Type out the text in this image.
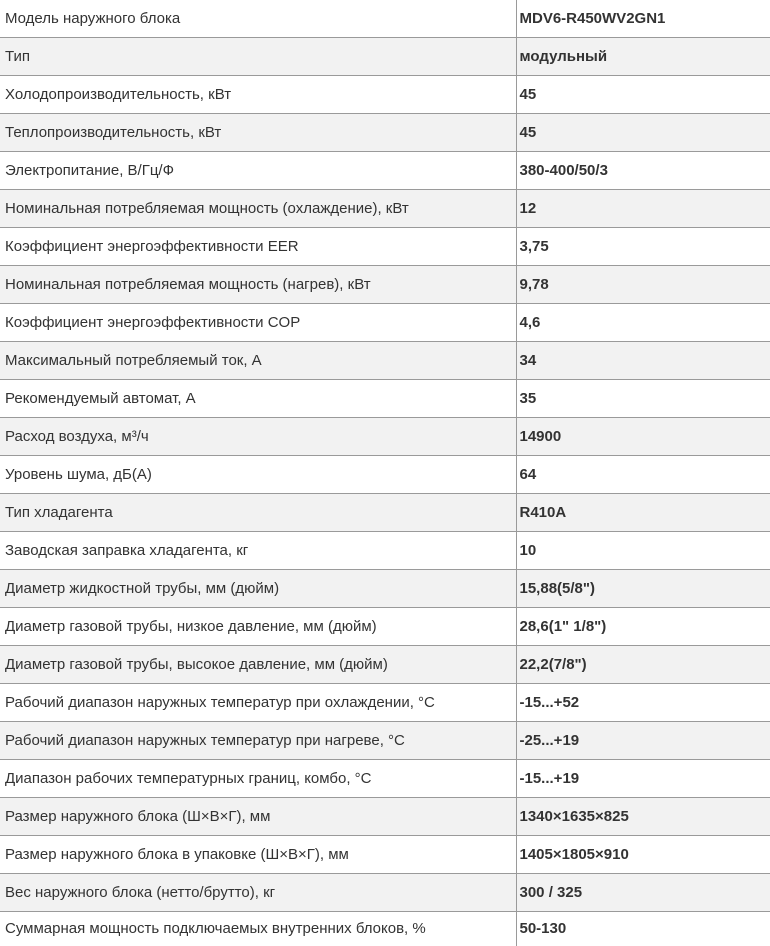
Модель наружного блока	MDV6-R450WV2GN1
Тип	модульный
Холодопроизводительность, кВт	45
Теплопроизводительность, кВт	45
Электропитание, В/Гц/Ф	380-400/50/3
Номинальная потребляемая мощность (охлаждение), кВт	12
Коэффициент энергоэффективности EER	3,75
Номинальная потребляемая мощность (нагрев), кВт	9,78
Коэффициент энергоэффективности COP	4,6
Максимальный потребляемый ток, А	34
Рекомендуемый автомат, А	35
Расход воздуха, м³/ч	14900
Уровень шума, дБ(А)	64
Тип хладагента	R410A
Заводская заправка хладагента, кг	10
Диаметр жидкостной трубы, мм (дюйм)	15,88(5/8")
Диаметр газовой трубы, низкое давление, мм (дюйм)	28,6(1" 1/8")
Диаметр газовой трубы, высокое давление, мм (дюйм)	22,2(7/8")
Рабочий диапазон наружных температур при охлаждении, °С	-15...+52
Рабочий диапазон наружных температур при нагреве, °С	-25...+19
Диапазон рабочих температурных границ, комбо, °С	-15...+19
Размер наружного блока (Ш×В×Г), мм	1340×1635×825
Размер наружного блока в упаковке (Ш×В×Г), мм	1405×1805×910
Вес наружного блока (нетто/брутто), кг	300 / 325
Суммарная мощность подключаемых внутренних блоков, %	50-130
